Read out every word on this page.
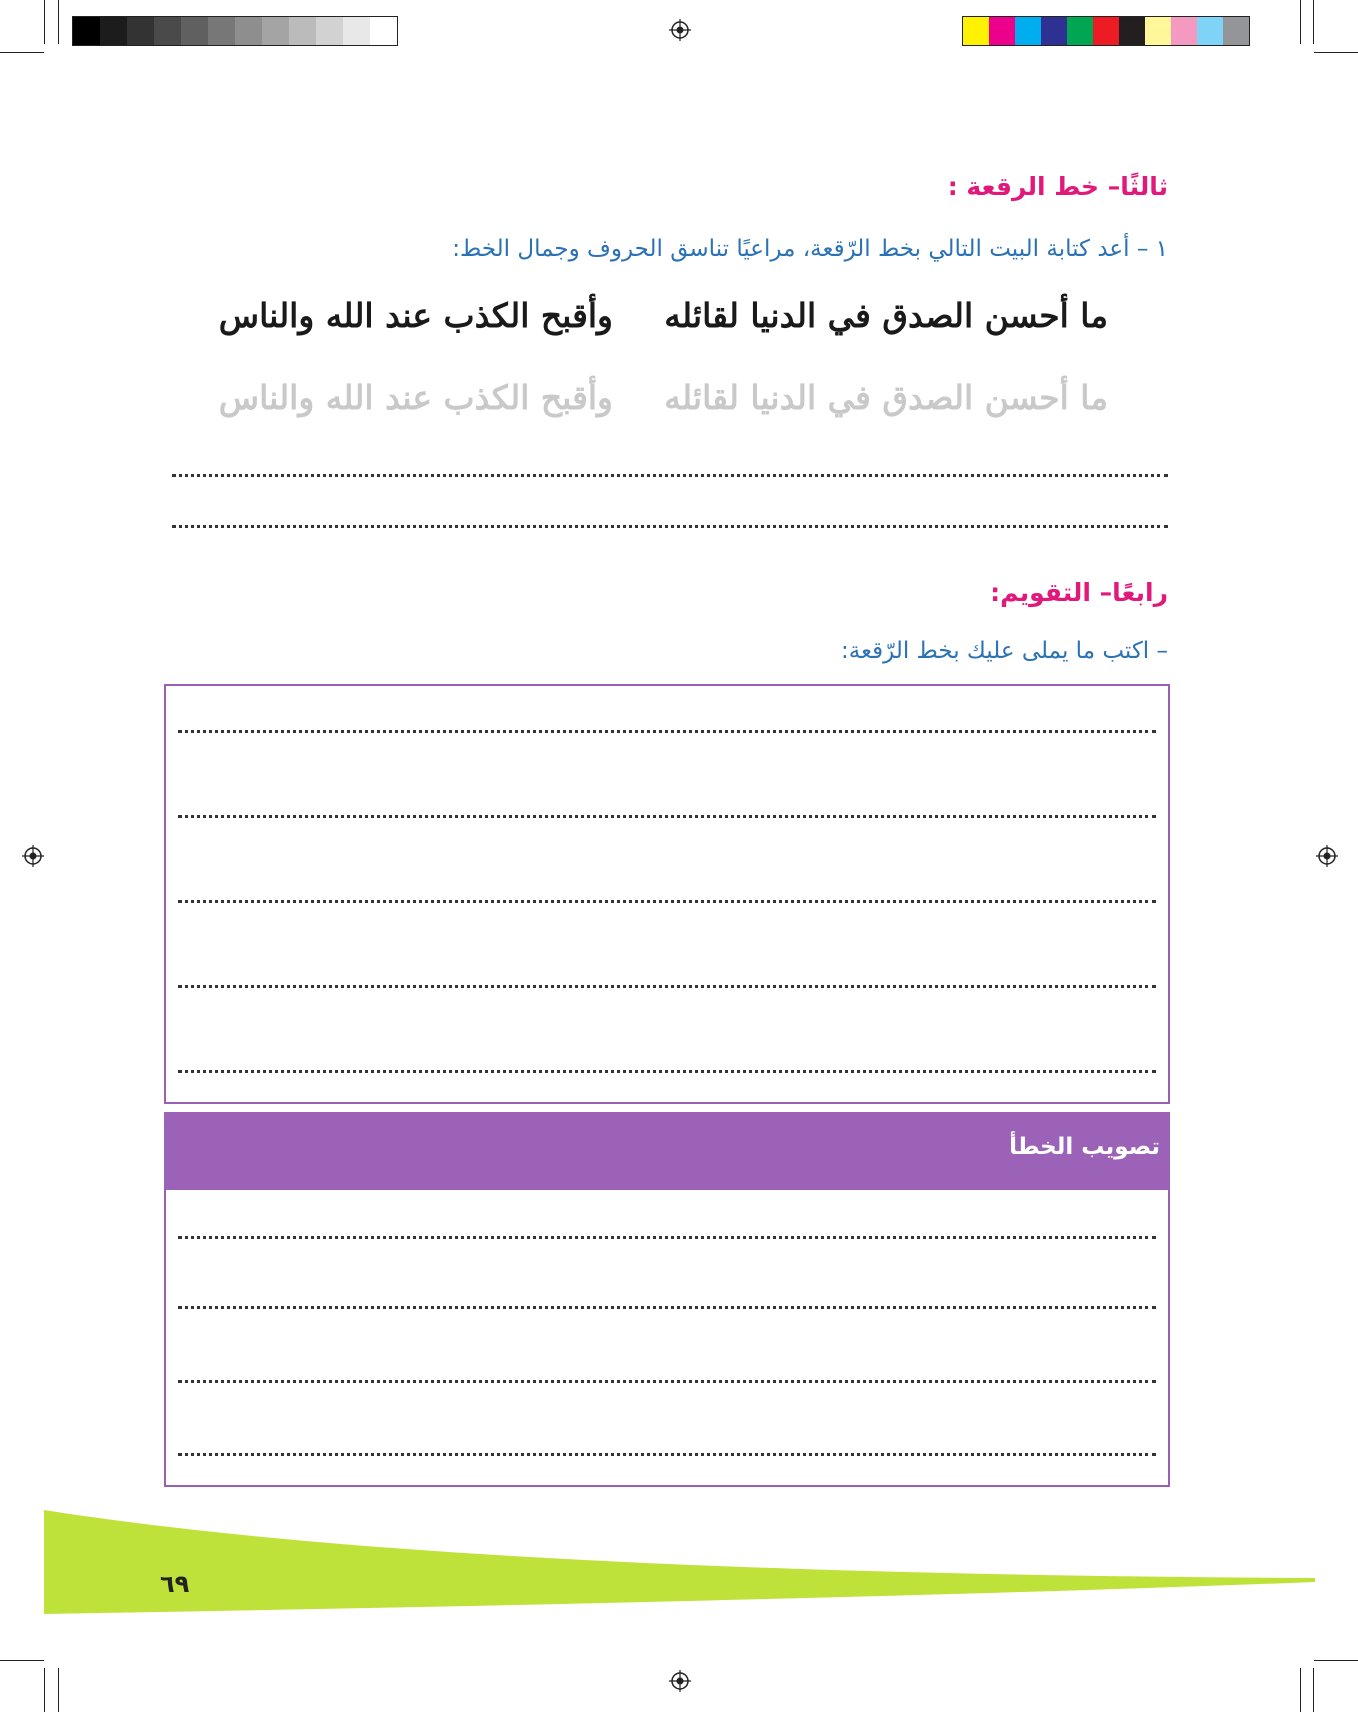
ثالثًا– خط الرقعة :
١ – أعد كتابة البيت التالي بخط الرّقعة، مراعيًا تناسق الحروف وجمال الخط:
ما أحسن الصدق في الدنيا لقائله
وأقبح الكذب عند الله والناس
ما أحسن الصدق في الدنيا لقائله
وأقبح الكذب عند الله والناس
رابعًا– التقويم:
– اكتب ما يملى عليك بخط الرّقعة:
تصويب الخطأ
٦٩
